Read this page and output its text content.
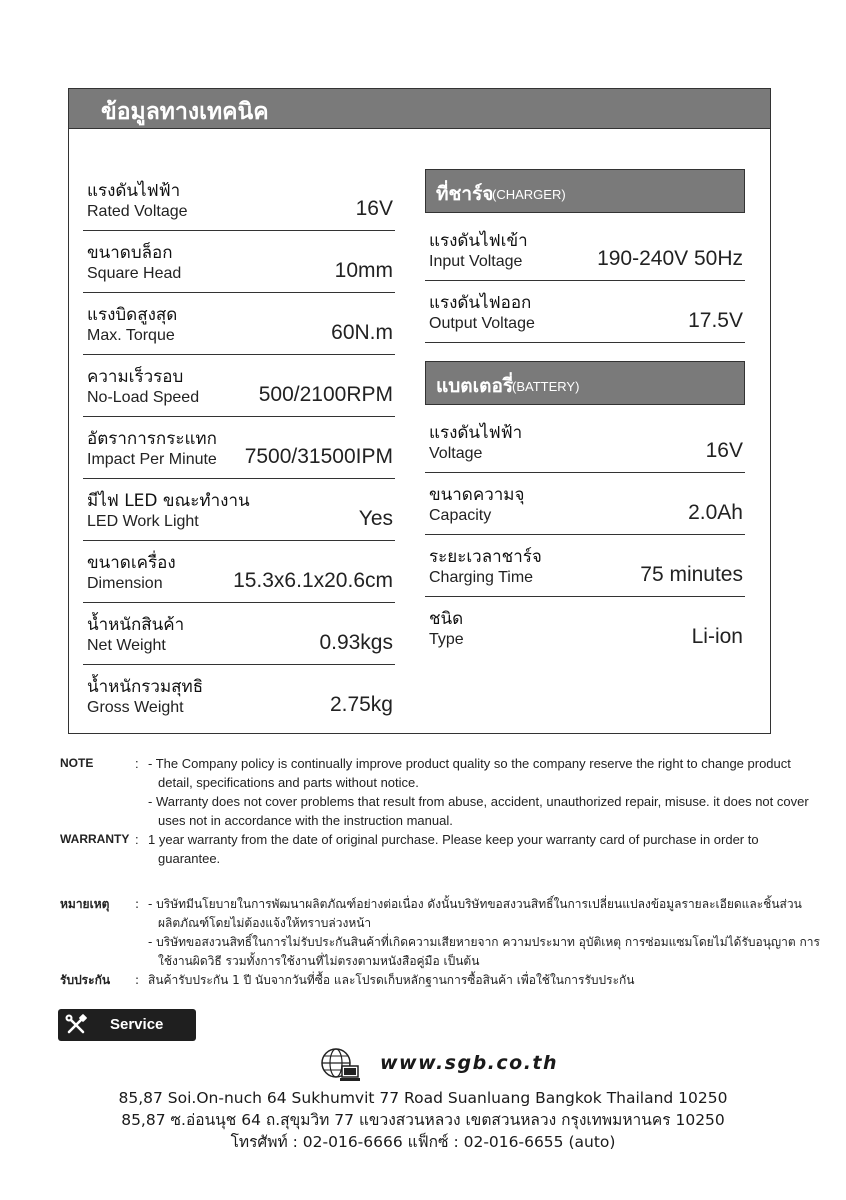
ข้อมูลทางเทคนิค
แรงดันไฟฟ้า
Rated Voltage	16V
ขนาดบล็อก
Square Head	10mm
แรงบิดสูงสุด
Max. Torque	60N.m
ความเร็วรอบ
No-Load Speed	500/2100RPM
อัตราการกระแทก
Impact Per Minute 7500/31500IPM
มีไฟ LED ขณะทำงาน
LED Work Light	Yes
ขนาดเครื่อง
Dimension	15.3x6.1x20.6cm
น้ำหนักสินค้า
Net Weight	0.93kgs
น้ำหนักรวมสุทธิ
Gross Weight	2.75kg
ที่ชาร์จ
(CHARGER)
แรงดันไฟเข้า
Input Voltage	190-240V 50Hz
แรงดันไฟออก
Output Voltage	17.5V
แบตเตอรี่
(BATTERY)
แรงดันไฟฟ้า
Voltage	16V
ขนาดความจุ
Capacity	2.0Ah
ระยะเวลาชาร์จ
Charging Time	75 minutes
ชนิด
Type	Li-ion
NOTE	: - The Company policy is continually improve product quality so the company reserve the right to change product detail, specifications and parts without notice.
- Warranty does not cover problems that result from abuse, accident, unauthorized repair, misuse. it does not cover uses not in accordance with the instruction manual.
WARRANTY : 1 year warranty from the date of original purchase. Please keep your warranty card of purchase in order to guarantee.
หมายเหตุ : - บริษัทมีนโยบายในการพัฒนาผลิตภัณฑ์อย่างต่อเนื่อง ดังนั้นบริษัทขอสงวนสิทธิ์ในการเปลี่ยนแปลงข้อมูลรายละเอียดและชิ้นส่วนผลิตภัณฑ์โดยไม่ต้องแจ้งให้ทราบล่วงหน้า
- บริษัทขอสงวนสิทธิ์ในการไม่รับประกันสินค้าที่เกิดความเสียหายจาก ความประมาท อุบัติเหตุ การซ่อมแซมโดยไม่ได้รับอนุญาต การใช้งานผิดวิธี รวมทั้งการใช้งานที่ไม่ตรงตามหนังสือคู่มือ เป็นต้น
รับประกัน : สินค้ารับประกัน 1 ปี นับจากวันที่ซื้อ และโปรดเก็บหลักฐานการซื้อสินค้า เพื่อใช้ในการรับประกัน
Service
www.sgb.co.th
85,87 Soi.On-nuch 64 Sukhumvit 77 Road Suanluang Bangkok Thailand 10250
85,87 ซ.อ่อนนุช 64 ถ.สุขุมวิท 77 แขวงสวนหลวง เขตสวนหลวง กรุงเทพมหานคร 10250
โทรศัพท์ : 02-016-6666 แฟ็กซ์ : 02-016-6655 (auto)
